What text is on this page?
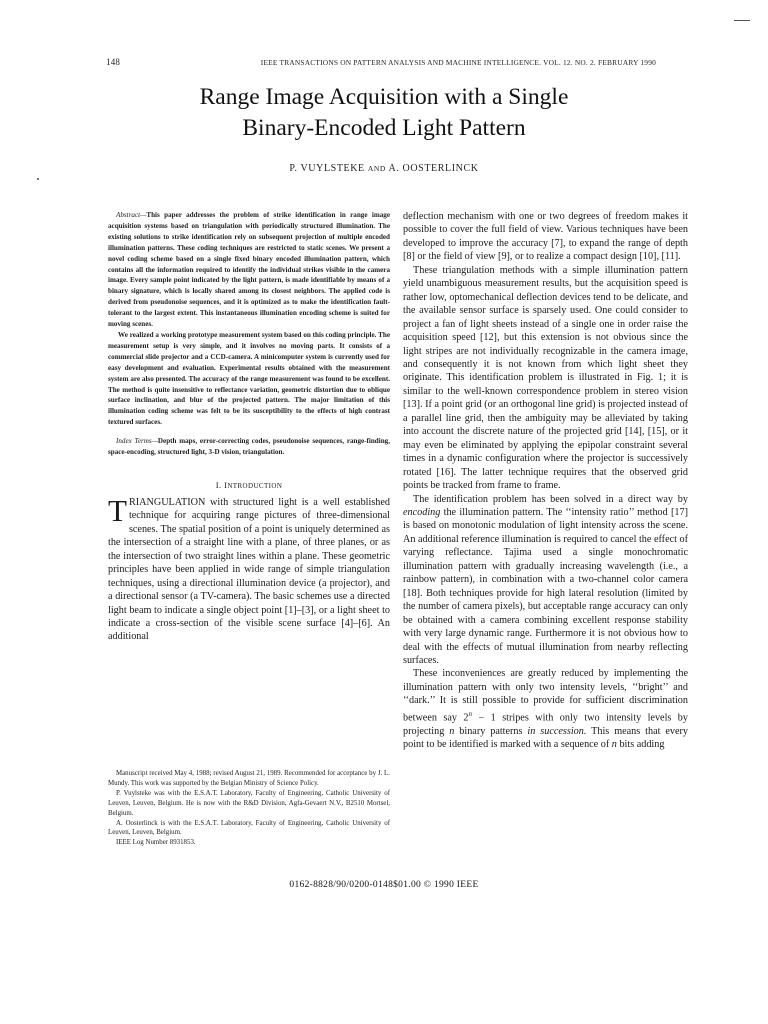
148	IEEE TRANSACTIONS ON PATTERN ANALYSIS AND MACHINE INTELLIGENCE. VOL. 12. NO. 2. FEBRUARY 1990
Range Image Acquisition with a Single
Binary-Encoded Light Pattern
P. VUYLSTEKE AND A. OOSTERLINCK

Abstract—This paper addresses the problem of strike identification in range image acquisition systems based on triangulation with periodically structured illumination. The existing solutions to strike identification rely on subsequent projection of multiple encoded illumination patterns. These coding techniques are restricted to static scenes. We present a novel coding scheme based on a single fixed binary encoded illumination pattern, which contains all the information required to identify the individual strikes visible in the camera image. Every sample point indicated by the light pattern, is made identifiable by means of a binary signature, which is locally shared among its closest neighbors. The applied code is derived from pseudonoise sequences, and it is optimized as to make the identification fault-tolerant to the largest extent. This instantaneous illumination encoding scheme is suited for moving scenes.

We realized a working prototype measurement system based on this coding principle. The measurement setup is very simple, and it involves no moving parts. It consists of a commercial slide projector and a CCD-camera. A minicomputer system is currently used for easy development and evaluation. Experimental results obtained with the measurement system are also presented. The accuracy of the range measurement was found to be excellent. The method is quite insensitive to reflectance variation, geometric distortion due to oblique surface inclination, and blur of the projected pattern. The major limitation of this illumination coding scheme was felt to be its susceptibility to the effects of high contrast textured surfaces.

Index Terms—Depth maps, error-correcting codes, pseudonoise sequences, range-finding, space-encoding, structured light, 3-D vision, triangulation.
I. INTRODUCTION
TRIANGULATION with structured light is a well established technique for acquiring range pictures of three-dimensional scenes. The spatial position of a point is uniquely determined as the intersection of a straight line with a plane, of three planes, or as the intersection of two straight lines within a plane. These geometric principles have been applied in wide range of simple triangulation techniques, using a directional illumination device (a projector), and a directional sensor (a TV-camera). The basic schemes use a directed light beam to indicate a single object point [1]–[3], or a light sheet to indicate a cross-section of the visible scene surface [4]–[6]. An additional

Manuscript received May 4, 1988; revised August 21, 1989. Recommended for acceptance by J. L. Mundy. This work was supported by the Belgian Ministry of Science Policy.

P. Vuylsteke was with the E.S.A.T. Laboratory, Faculty of Engineering, Catholic University of Leuven, Leuven, Belgium. He is now with the R&D Division, Agfa-Gevaert N.V., B2510 Mortsel, Belgium.

A. Oosterlinck is with the E.S.A.T. Laboratory, Faculty of Engineering, Catholic University of Leuven, Leuven, Belgium.

IEEE Log Number 8931853.

deflection mechanism with one or two degrees of freedom makes it possible to cover the full field of view. Various techniques have been developed to improve the accuracy [7], to expand the range of depth [8] or the field of view [9], or to realize a compact design [10], [11].

These triangulation methods with a simple illumination pattern yield unambiguous measurement results, but the acquisition speed is rather low, optomechanical deflection devices tend to be delicate, and the available sensor surface is sparsely used. One could consider to project a fan of light sheets instead of a single one in order raise the acquisition speed [12], but this extension is not obvious since the light stripes are not individually recognizable in the camera image, and consequently it is not known from which light sheet they originate. This identification problem is illustrated in Fig. 1; it is similar to the well-known correspondence problem in stereo vision [13]. If a point grid (or an orthogonal line grid) is projected instead of a parallel line grid, then the ambiguity may be alleviated by taking into account the discrete nature of the projected grid [14], [15], or it may even be eliminated by applying the epipolar constraint several times in a dynamic configuration where the projector is successively rotated [16]. The latter technique requires that the observed grid points be tracked from frame to frame.

The identification problem has been solved in a direct way by encoding the illumination pattern. The ‘‘intensity ratio’’ method [17] is based on monotonic modulation of light intensity across the scene. An additional reference illumination is required to cancel the effect of varying reflectance. Tajima used a single monochromatic illumination pattern with gradually increasing wavelength (i.e., a rainbow pattern), in combination with a two-channel color camera [18]. Both techniques provide for high lateral resolution (limited by the number of camera pixels), but acceptable range accuracy can only be obtained with a camera combining excellent response stability with very large dynamic range. Furthermore it is not obvious how to deal with the effects of mutual illumination from nearby reflecting surfaces.

These inconveniences are greatly reduced by implementing the illumination pattern with only two intensity levels, ‘‘bright’’ and ‘‘dark.’’ It is still possible to provide for sufficient discrimination between say $2^n - 1$ stripes with only two intensity levels by projecting n binary patterns in succession. This means that every point to be identified is marked with a sequence of n bits adding

0162-8828/90/0200-0148$01.00 © 1990 IEEE
